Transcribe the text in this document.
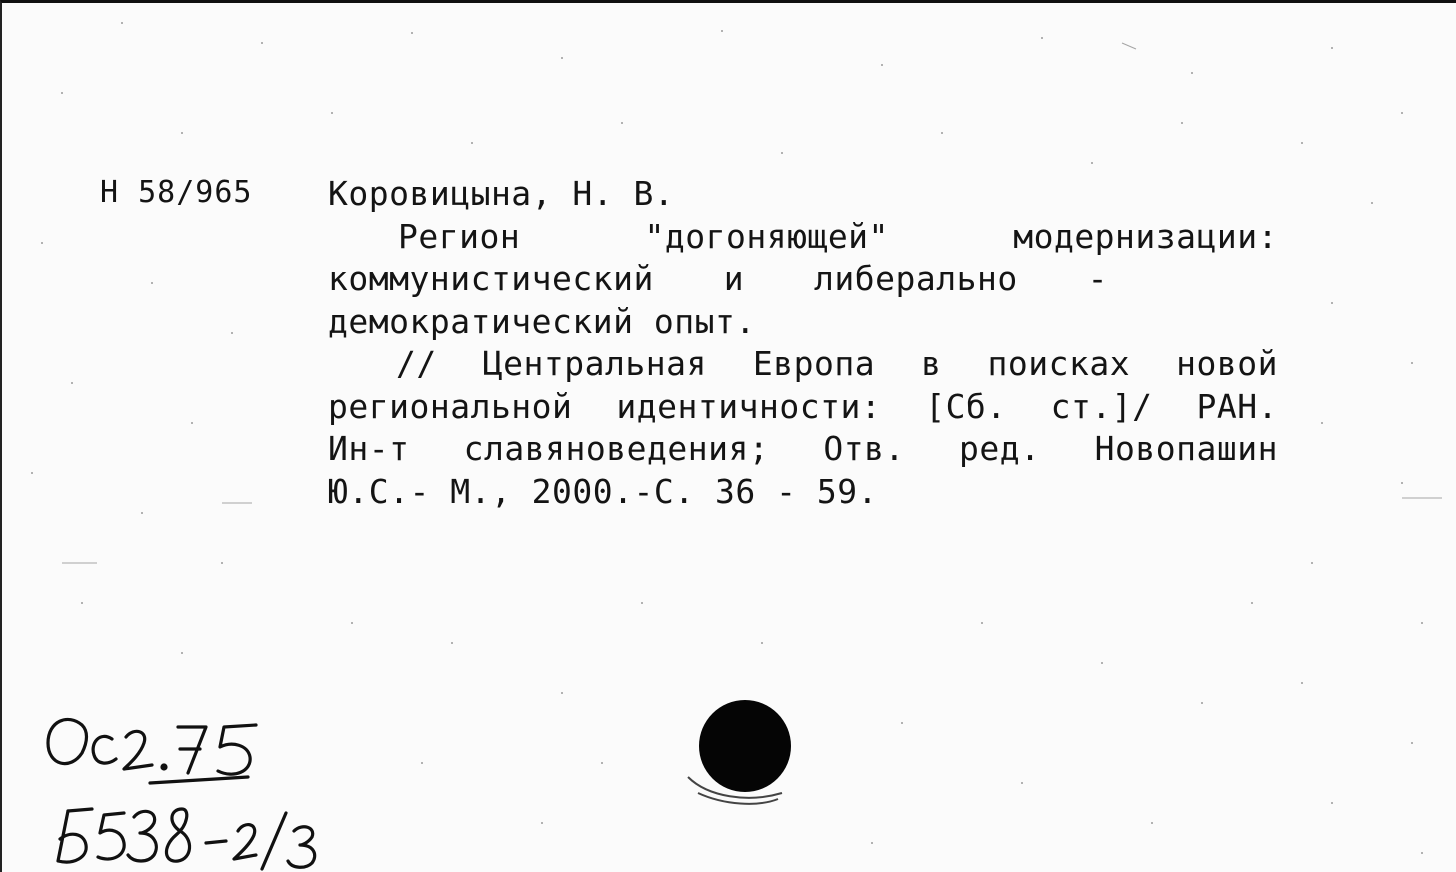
Н 58/965 Коровицына, Н. В.
Регион "догоняющей" модернизации:
коммунистический и либерально -
демократический опыт.
// Центральная Европа в поисках новой
региональной идентичности: [Сб. ст.]/ РАН.
Ин-т славяноведения; Отв. ред. Новопашин
Ю.С.- М., 2000.-С. 36 - 59.
